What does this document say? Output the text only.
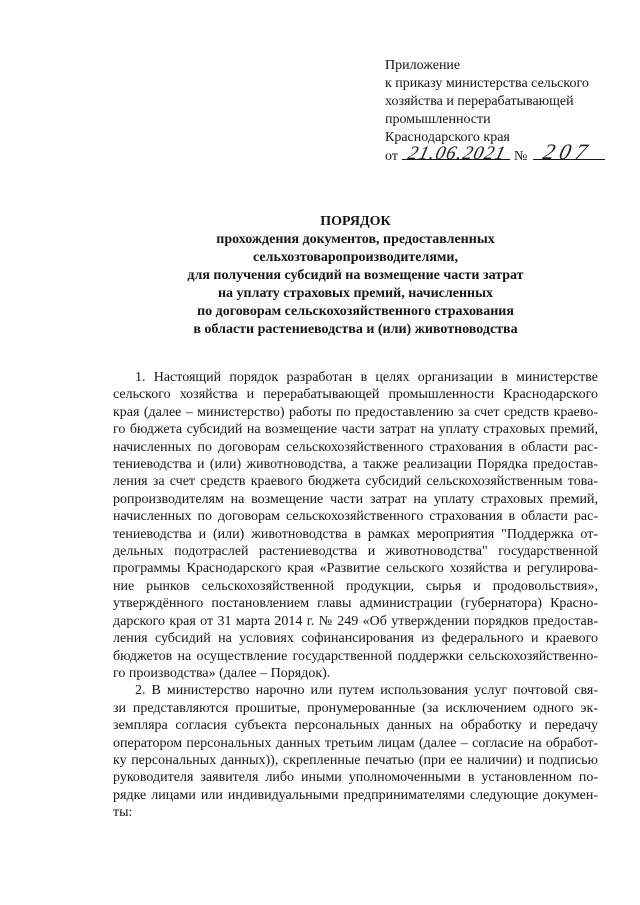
Приложение
к приказу министерства сельского
хозяйства и перерабатывающей
промышленности
Краснодарского края
от 21.06.2021 № 207
ПОРЯДОК
прохождения документов, предоставленных
сельхозтоваропроизводителями,
для получения субсидий на возмещение части затрат
на уплату страховых премий, начисленных
по договорам сельскохозяйственного страхования
в области растениеводства и (или) животноводства
1. Настоящий порядок разработан в целях организации в министерстве
сельского хозяйства и перерабатывающей промышленности Краснодарского
края (далее – министерство) работы по предоставлению за счет средств краево-
го бюджета субсидий на возмещение части затрат на уплату страховых премий,
начисленных по договорам сельскохозяйственного страхования в области рас-
тениеводства и (или) животноводства, а также реализации Порядка предостав-
ления за счет средств краевого бюджета субсидий сельскохозяйственным това-
ропроизводителям на возмещение части затрат на уплату страховых премий,
начисленных по договорам сельскохозяйственного страхования в области рас-
тениеводства и (или) животноводства в рамках мероприятия "Поддержка от-
дельных подотраслей растениеводства и животноводства" государственной
программы Краснодарского края «Развитие сельского хозяйства и регулирова-
ние рынков сельскохозяйственной продукции, сырья и продовольствия»,
утверждённого постановлением главы администрации (губернатора) Красно-
дарского края от 31 марта 2014 г. № 249 «Об утверждении порядков предостав-
ления субсидий на условиях софинансирования из федерального и краевого
бюджетов на осуществление государственной поддержки сельскохозяйственно-
го производства» (далее – Порядок).
2. В министерство нарочно или путем использования услуг почтовой свя-
зи представляются прошитые, пронумерованные (за исключением одного эк-
земпляра согласия субъекта персональных данных на обработку и передачу
оператором персональных данных третьим лицам (далее – согласие на обработ-
ку персональных данных)), скрепленные печатью (при ее наличии) и подписью
руководителя заявителя либо иными уполномоченными в установленном по-
рядке лицами или индивидуальными предпринимателями следующие докумен-
ты:
